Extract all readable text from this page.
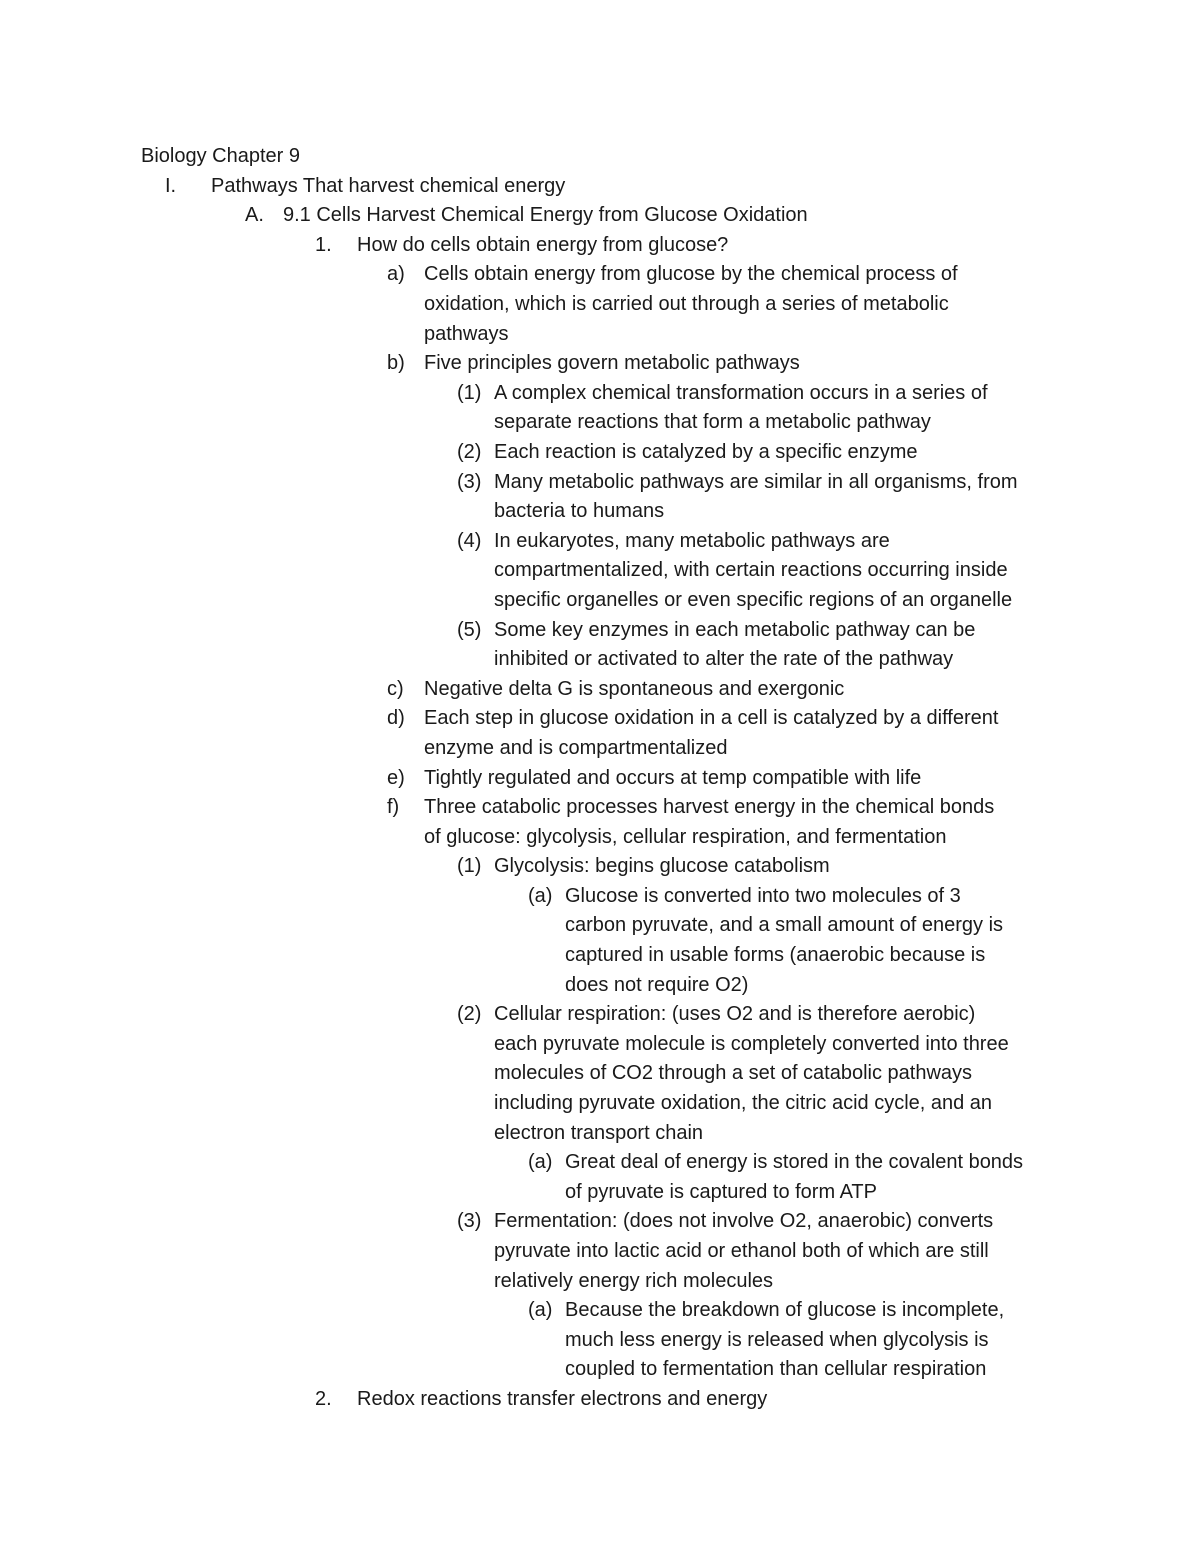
Biology Chapter 9
I. Pathways That harvest chemical energy
A. 9.1 Cells Harvest Chemical Energy from Glucose Oxidation
1. How do cells obtain energy from glucose?
a) Cells obtain energy from glucose by the chemical process of
oxidation, which is carried out through a series of metabolic
pathways
b) Five principles govern metabolic pathways
(1) A complex chemical transformation occurs in a series of
separate reactions that form a metabolic pathway
(2) Each reaction is catalyzed by a specific enzyme
(3) Many metabolic pathways are similar in all organisms, from
bacteria to humans
(4) In eukaryotes, many metabolic pathways are
compartmentalized, with certain reactions occurring inside
specific organelles or even specific regions of an organelle
(5) Some key enzymes in each metabolic pathway can be
inhibited or activated to alter the rate of the pathway
c) Negative delta G is spontaneous and exergonic
d) Each step in glucose oxidation in a cell is catalyzed by a different
enzyme and is compartmentalized
e) Tightly regulated and occurs at temp compatible with life
f) Three catabolic processes harvest energy in the chemical bonds
of glucose: glycolysis, cellular respiration, and fermentation
(1) Glycolysis: begins glucose catabolism
(a) Glucose is converted into two molecules of 3
carbon pyruvate, and a small amount of energy is
captured in usable forms (anaerobic because is
does not require O2)
(2) Cellular respiration: (uses O2 and is therefore aerobic)
each pyruvate molecule is completely converted into three
molecules of CO2 through a set of catabolic pathways
including pyruvate oxidation, the citric acid cycle, and an
electron transport chain
(a) Great deal of energy is stored in the covalent bonds
of pyruvate is captured to form ATP
(3) Fermentation: (does not involve O2, anaerobic) converts
pyruvate into lactic acid or ethanol both of which are still
relatively energy rich molecules
(a) Because the breakdown of glucose is incomplete,
much less energy is released when glycolysis is
coupled to fermentation than cellular respiration
2. Redox reactions transfer electrons and energy
